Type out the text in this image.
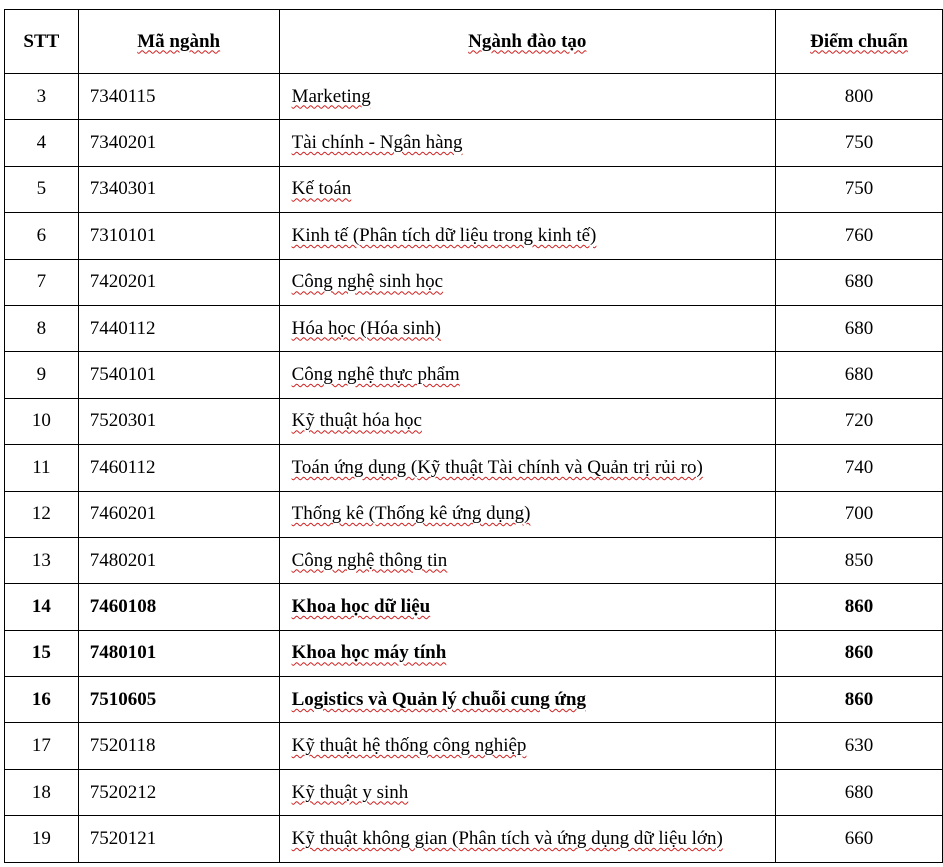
STT	Mã ngành	Ngành đào tạo	Điểm chuẩn
3	7340115	Marketing	800
4	7340201	Tài chính - Ngân hàng	750
5	7340301	Kế toán	750
6	7310101	Kinh tế (Phân tích dữ liệu trong kinh tế)	760
7	7420201	Công nghệ sinh học	680
8	7440112	Hóa học (Hóa sinh)	680
9	7540101	Công nghệ thực phẩm	680
10	7520301	Kỹ thuật hóa học	720
11	7460112	Toán ứng dụng (Kỹ thuật Tài chính và Quản trị rủi ro)	740
12	7460201	Thống kê (Thống kê ứng dụng)	700
13	7480201	Công nghệ thông tin	850
14	7460108	Khoa học dữ liệu	860
15	7480101	Khoa học máy tính	860
16	7510605	Logistics và Quản lý chuỗi cung ứng	860
17	7520118	Kỹ thuật hệ thống công nghiệp	630
18	7520212	Kỹ thuật y sinh	680
19	7520121	Kỹ thuật không gian (Phân tích và ứng dụng dữ liệu lớn)	660
